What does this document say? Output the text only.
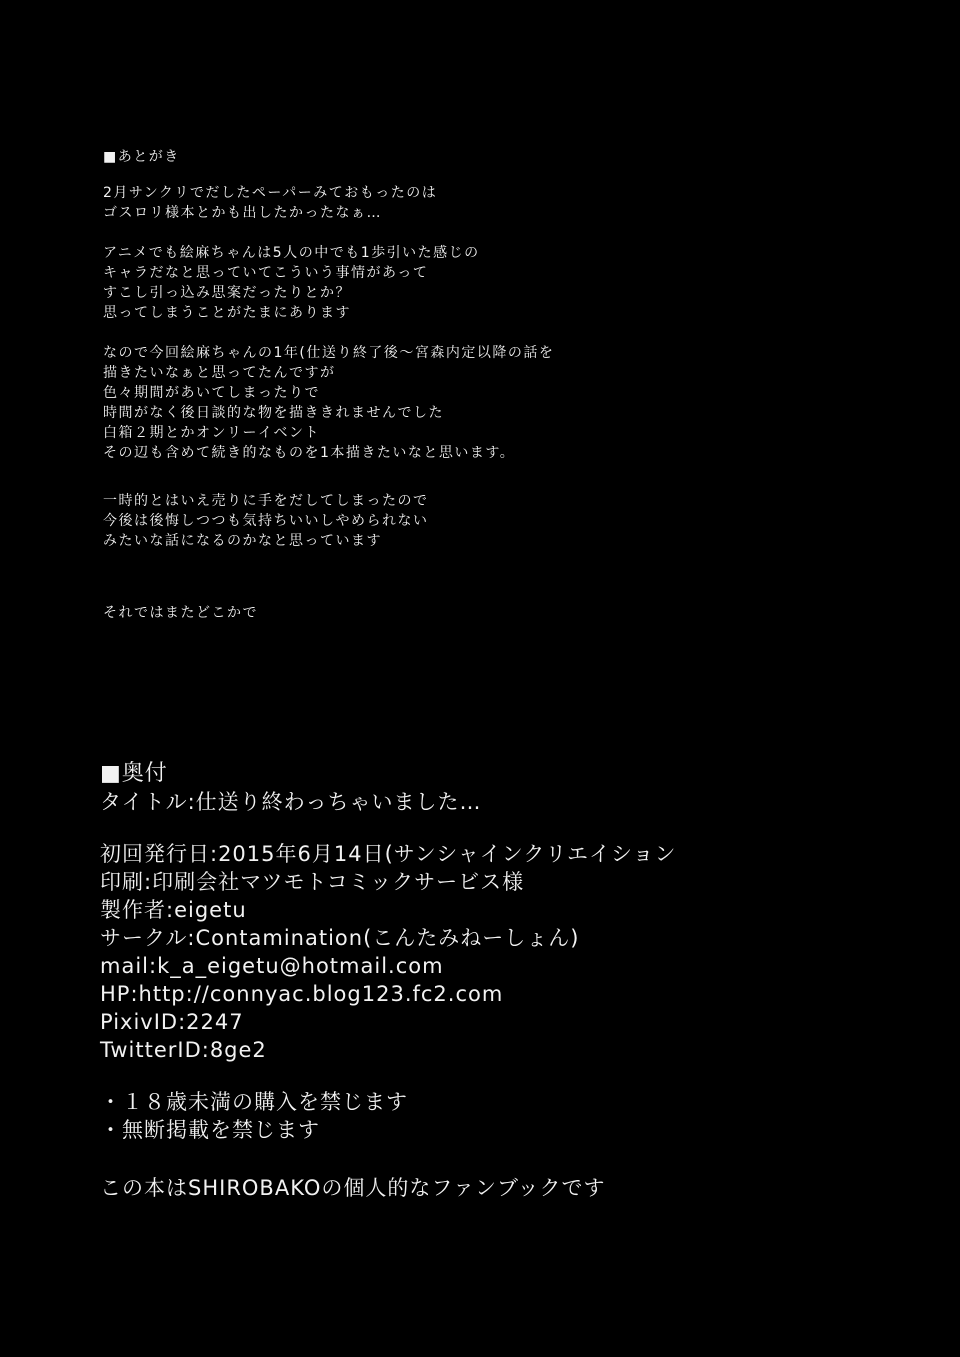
■あとがき
2月サンクリでだしたペーパーみておもったのは
ゴスロリ様本とかも出したかったなぁ…
アニメでも絵麻ちゃんは5人の中でも1歩引いた感じの
キャラだなと思っていてこういう事情があって
すこし引っ込み思案だったりとか？
思ってしまうことがたまにあります
なので今回絵麻ちゃんの1年(仕送り終了後〜宮森内定以降の話を
描きたいなぁと思ってたんですが
色々期間があいてしまったりで
時間がなく後日談的な物を描ききれませんでした
白箱２期とかオンリーイベント
その辺も含めて続き的なものを1本描きたいなと思います。
一時的とはいえ売りに手をだしてしまったので
今後は後悔しつつも気持ちいいしやめられない
みたいな話になるのかなと思っています
それではまたどこかで
■奥付
タイトル:仕送り終わっちゃいました…
初回発行日:2015年6月14日(サンシャインクリエイション
印刷:印刷会社マツモトコミックサービス様
製作者:eigetu
サークル:Contamination(こんたみねーしょん)
mail:k_a_eigetu@hotmail.com
HP:http://connyac.blog123.fc2.com
PixivID:2247
TwitterID:8ge2
・１８歳未満の購入を禁じます
・無断掲載を禁じます
この本はSHIROBAKOの個人的なファンブックです
